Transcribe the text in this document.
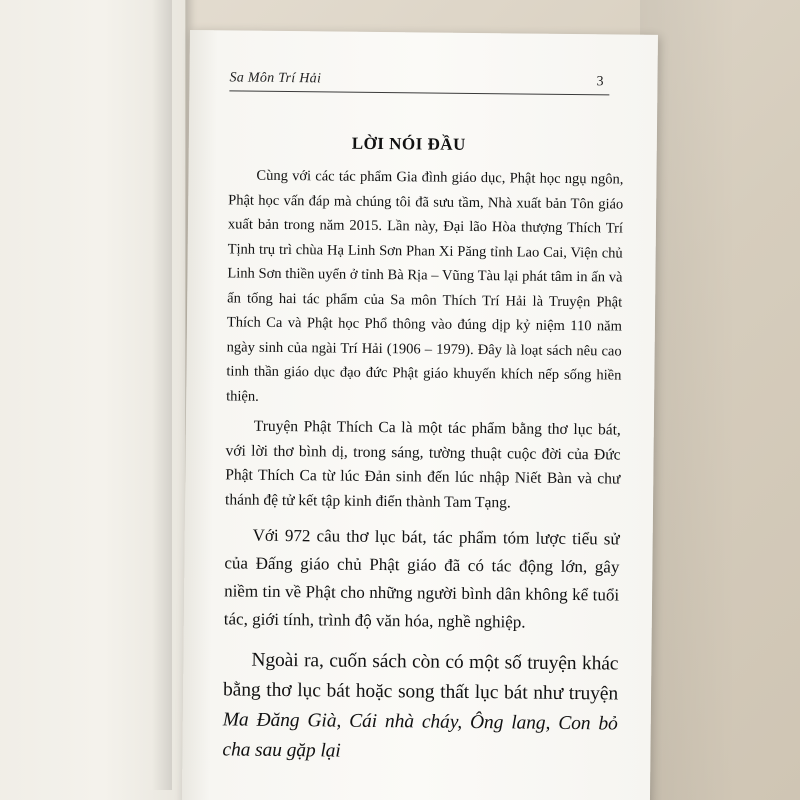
Sa Môn Trí Hải	3
LỜI NÓI ĐẦU

Cùng với các tác phẩm Gia đình giáo dục, Phật học ngụ ngôn, Phật học vấn đáp mà chúng tôi đã sưu tầm, Nhà xuất bản Tôn giáo xuất bản trong năm 2015. Lần này, Đại lão Hòa thượng Thích Trí Tịnh trụ trì chùa Hạ Linh Sơn Phan Xi Păng tỉnh Lao Cai, Viện chủ Linh Sơn thiền uyển ở tỉnh Bà Rịa – Vũng Tàu lại phát tâm in ấn và ấn tống hai tác phẩm của Sa môn Thích Trí Hải là Truyện Phật Thích Ca và Phật học Phổ thông vào đúng dịp kỷ niệm 110 năm ngày sinh của ngài Trí Hải (1906 – 1979). Đây là loạt sách nêu cao tinh thần giáo dục đạo đức Phật giáo khuyến khích nếp sống hiền thiện.

Truyện Phật Thích Ca là một tác phẩm bằng thơ lục bát, với lời thơ bình dị, trong sáng, tường thuật cuộc đời của Đức Phật Thích Ca từ lúc Đản sinh đến lúc nhập Niết Bàn và chư thánh đệ tử kết tập kinh điển thành Tam Tạng.

Với 972 câu thơ lục bát, tác phẩm tóm lược tiểu sử của Đấng giáo chủ Phật giáo đã có tác động lớn, gây niềm tin về Phật cho những người bình dân không kể tuổi tác, giới tính, trình độ văn hóa, nghề nghiệp.

Ngoài ra, cuốn sách còn có một số truyện khác bằng thơ lục bát hoặc song thất lục bát như truyện Ma Đăng Già, Cái nhà cháy, Ông lang, Con bỏ cha sau gặp lại
